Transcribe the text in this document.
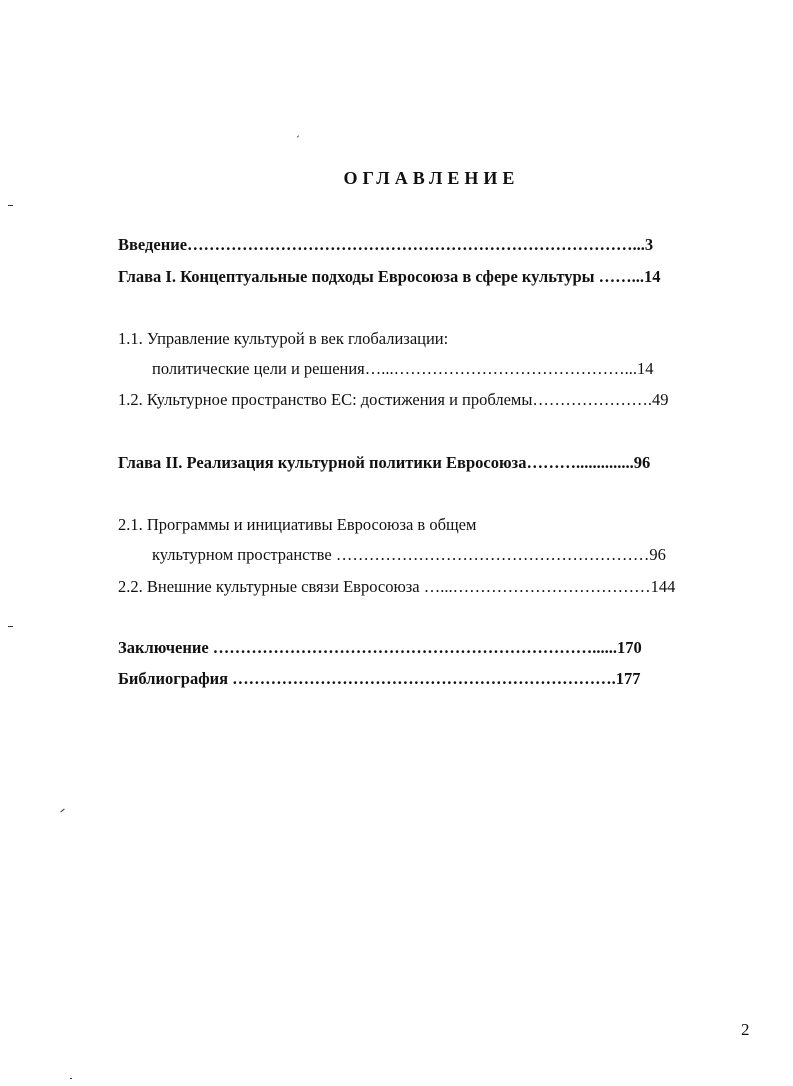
ОГЛАВЛЕНИЕ
Введение………………………………………………………………………...3
Глава I. Концептуальные подходы Евросоюза в сфере культуры ……...14
1.1. Управление культурой в век глобализации:
политические цели и решения…...……………………………………...14
1.2. Культурное пространство ЕС: достижения и проблемы………………….49
Глава II. Реализация культурной политики Евросоюза………..............96
2.1. Программы и инициативы Евросоюза в общем
культурном пространстве …………………………………………………96
2.2. Внешние культурные связи Евросоюза …...………………………………144
Заключение ……………………………………………………………......170
Библиография …………………………………………………………….177
2
